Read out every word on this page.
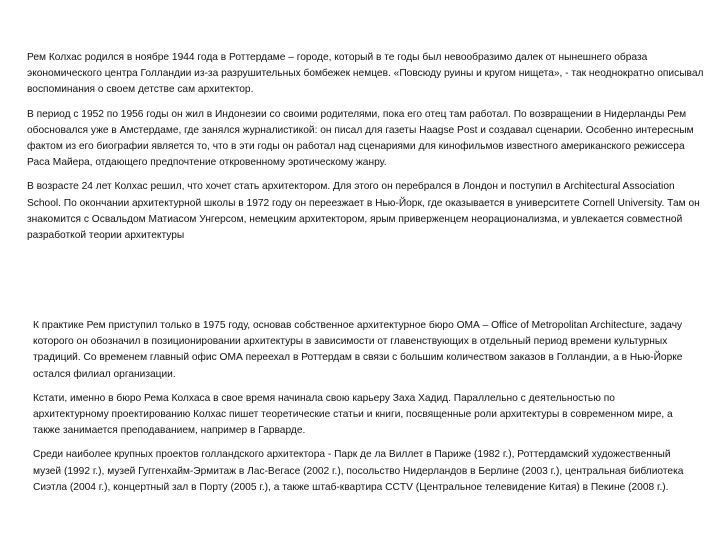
Рем Колхас родился в ноябре 1944 года в Роттердаме – городе, который в те годы был невообразимо далек от нынешнего образа экономического центра Голландии из-за разрушительных бомбежек немцев. «Повсюду руины и кругом нищета», - так неоднократно описывал воспоминания о своем детстве сам архитектор.

В период с 1952 по 1956 годы он жил в Индонезии со своими родителями, пока его отец там работал. По возвращении в Нидерланды Рем обосновался уже в Амстердаме, где занялся журналистикой: он писал для газеты Haagse Post и создавал сценарии. Особенно интересным фактом из его биографии является то, что в эти годы он работал над сценариями для кинофильмов известного американского режиссера Раса Майера, отдающего предпочтение откровенному эротическому жанру.

В возрасте 24 лет Колхас решил, что хочет стать архитектором. Для этого он перебрался в Лондон и поступил в Architectural Association School. По окончании архитектурной школы в 1972 году он переезжает в Нью-Йорк, где оказывается в университете Cornell University. Там он знакомится с Освальдом Матиасом Унгерсом, немецким архитектором, ярым приверженцем неорационализма, и увлекается совместной разработкой теории архитектуры

К практике Рем приступил только в 1975 году, основав собственное архитектурное бюро ОМА – Office of Metropolitan Architecture, задачу которого он обозначил в позиционировании архитектуры в зависимости от главенствующих в отдельный период времени культурных традиций. Со временем главный офис ОМА переехал в Роттердам в связи с большим количеством заказов в Голландии, а в Нью-Йорке остался филиал организации.

Кстати, именно в бюро Рема Колхаса в свое время начинала свою карьеру Заха Хадид. Параллельно с деятельностью по архитектурному проектированию Колхас пишет теоретические статьи и книги, посвященные роли архитектуры в современном мире, а также занимается преподаванием, например в Гарварде.

Среди наиболее крупных проектов голландского архитектора - Парк де ла Виллет в Париже (1982 г.), Роттердамский художественный музей (1992 г.), музей Гуггенхайм-Эрмитаж в Лас-Вегасе (2002 г.), посольство Нидерландов в Берлине (2003 г.), центральная библиотека Сиэтла (2004 г.), концертный зал в Порту (2005 г.), а также штаб-квартира CCTV (Центральное телевидение Китая) в Пекине (2008 г.).
